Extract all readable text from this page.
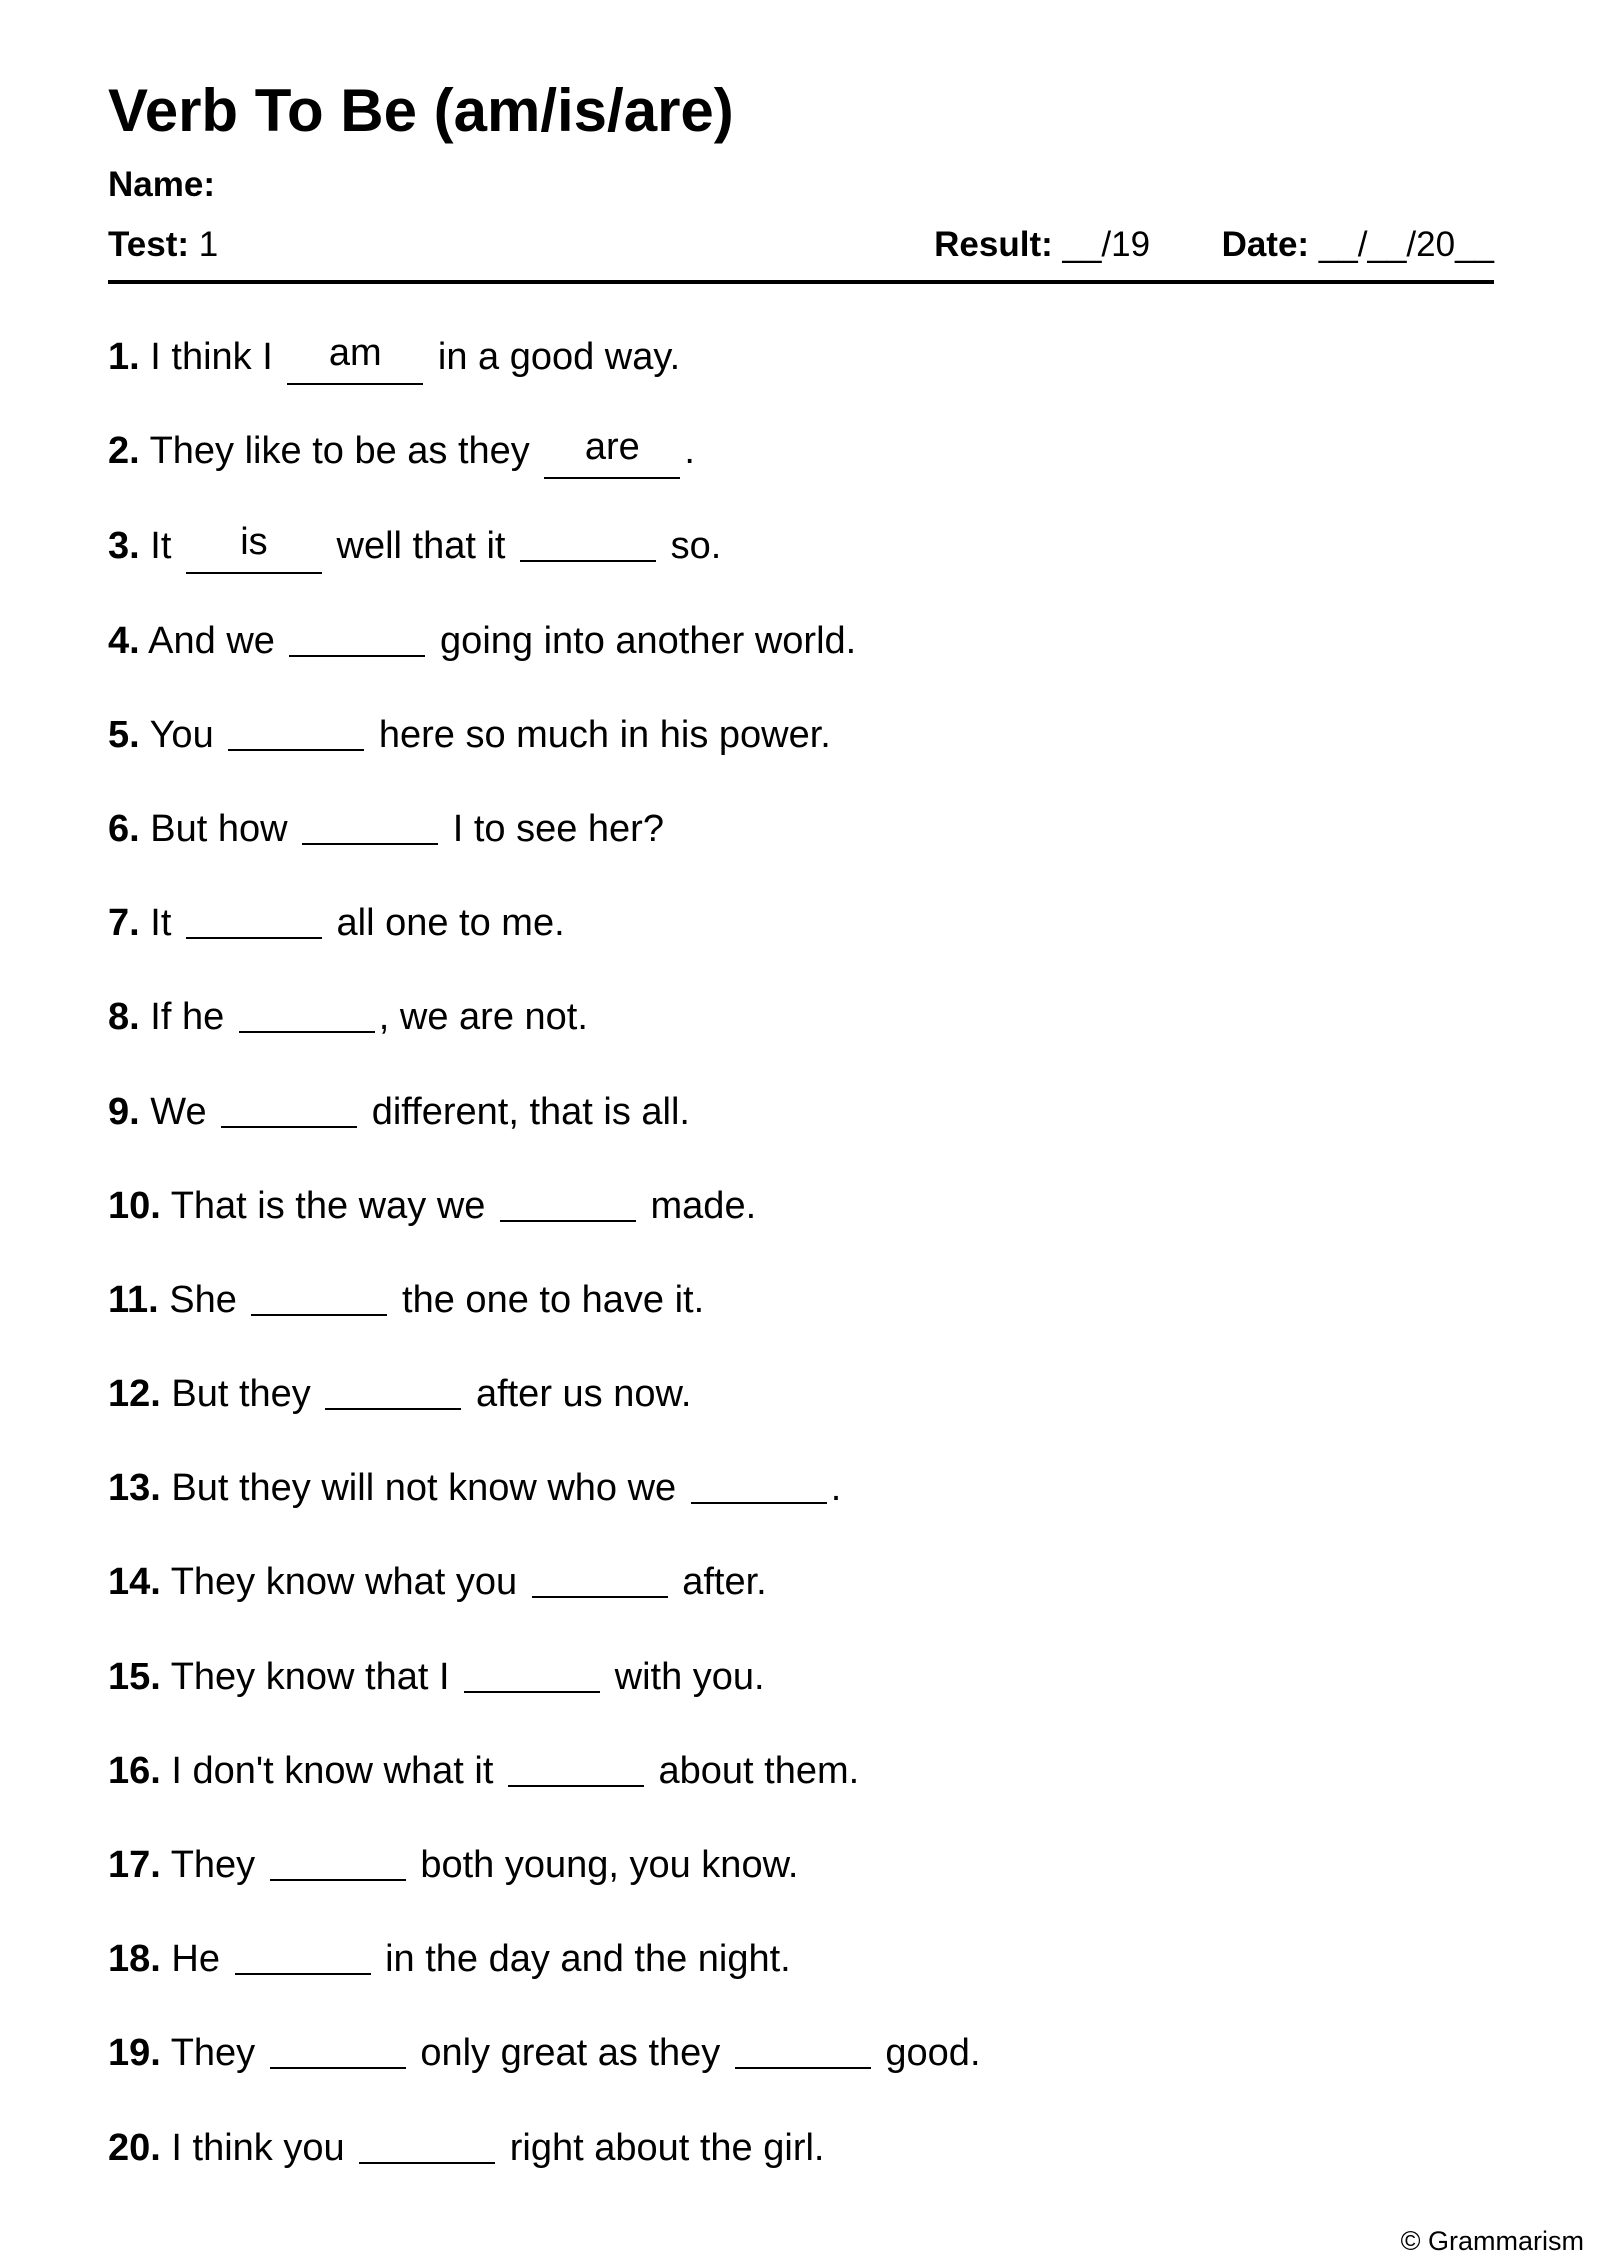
Verb To Be (am/is/are)
Name:
Test: 1	Result: __/19 Date: __/__/20__
1. I think I am in a good way.
2. They like to be as they are .
3. It is well that it	so.
4. And we	going into another world.
5. You	here so much in his power.
6. But how	I to see her?
7. It	all one to me.
8. If he	, we are not.
9. We	different, that is all.
10. That is the way we	made.
11. She	the one to have it.
12. But they	after us now.
13. But they will not know who we	.
14. They know what you	after.
15. They know that I	with you.
16. I don't know what it	about them.
17. They	both young, you know.
18. He	in the day and the night.
19. They	only great as they	good.
20. I think you	right about the girl.
© Grammarism
